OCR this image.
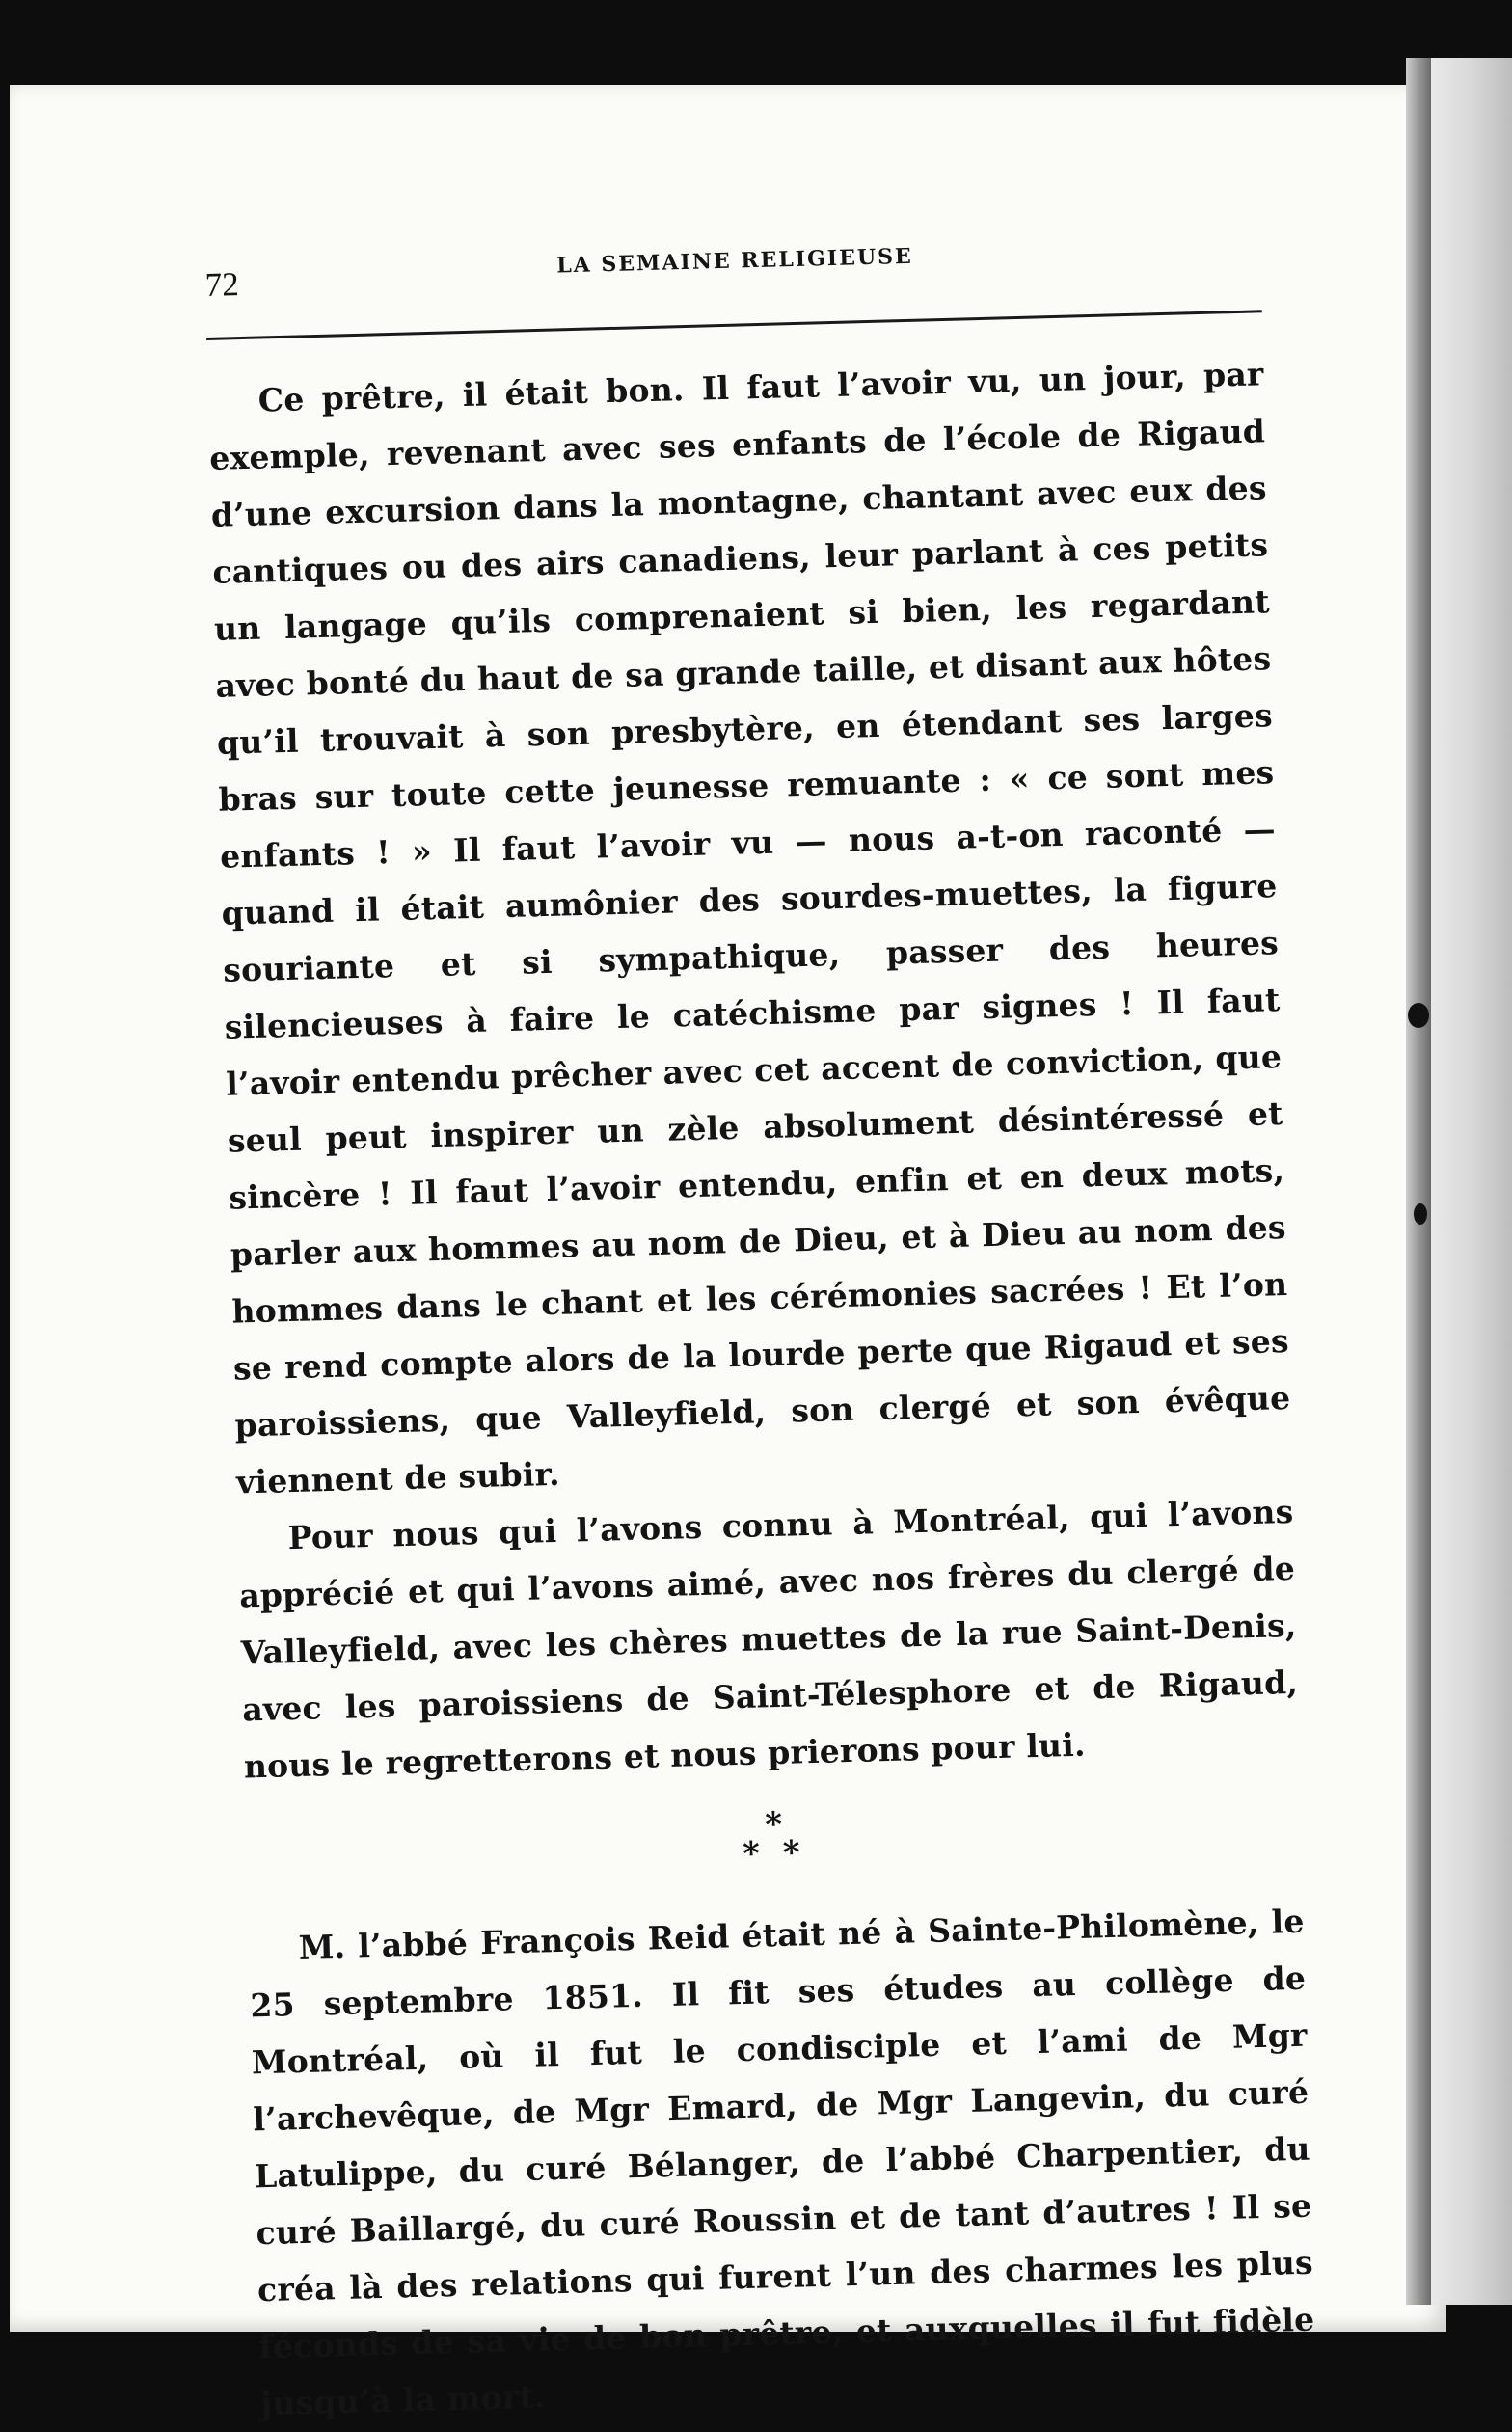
72
LA SEMAINE RELIGIEUSE

Ce prêtre, il était bon. Il faut l’avoir vu, un jour, par exemple, revenant avec ses enfants de l’école de Rigaud d’une excursion dans la montagne, chantant avec eux des cantiques ou des airs canadiens, leur parlant à ces petits un langage qu’ils comprenaient si bien, les regardant avec bonté du haut de sa grande taille, et disant aux hôtes qu’il trouvait à son presbytère, en étendant ses larges bras sur toute cette jeunesse remuante : « ce sont mes enfants ! » Il faut l’avoir vu — nous a-t-on raconté — quand il était aumônier des sourdes-muettes, la figure souriante et si sympathique, passer des heures silencieuses à faire le catéchisme par signes ! Il faut l’avoir entendu prêcher avec cet accent de conviction, que seul peut inspirer un zèle absolument désintéressé et sincère ! Il faut l’avoir entendu, enfin et en deux mots, parler aux hommes au nom de Dieu, et à Dieu au nom des hommes dans le chant et les cérémonies sacrées ! Et l’on se rend compte alors de la lourde perte que Rigaud et ses paroissiens, que Valleyfield, son clergé et son évêque viennent de subir.

Pour nous qui l’avons connu à Montréal, qui l’avons apprécié et qui l’avons aimé, avec nos frères du clergé de Valleyfield, avec les chères muettes de la rue Saint-Denis, avec les paroissiens de Saint-Télesphore et de Rigaud, nous le regretterons et nous prierons pour lui.

*
* *

M. l’abbé François Reid était né à Sainte-Philomène, le 25 septembre 1851. Il fit ses études au collège de Montréal, où il fut le condisciple et l’ami de Mgr l’archevêque, de Mgr Emard, de Mgr Langevin, du curé Latulippe, du curé Bélanger, de l’abbé Charpentier, du curé Baillargé, du curé Roussin et de tant d’autres ! Il se créa là des relations qui furent l’un des charmes les plus féconds de sa vie de bon prêtre, et auxquelles il fut fidèle jusqu’à la mort.
